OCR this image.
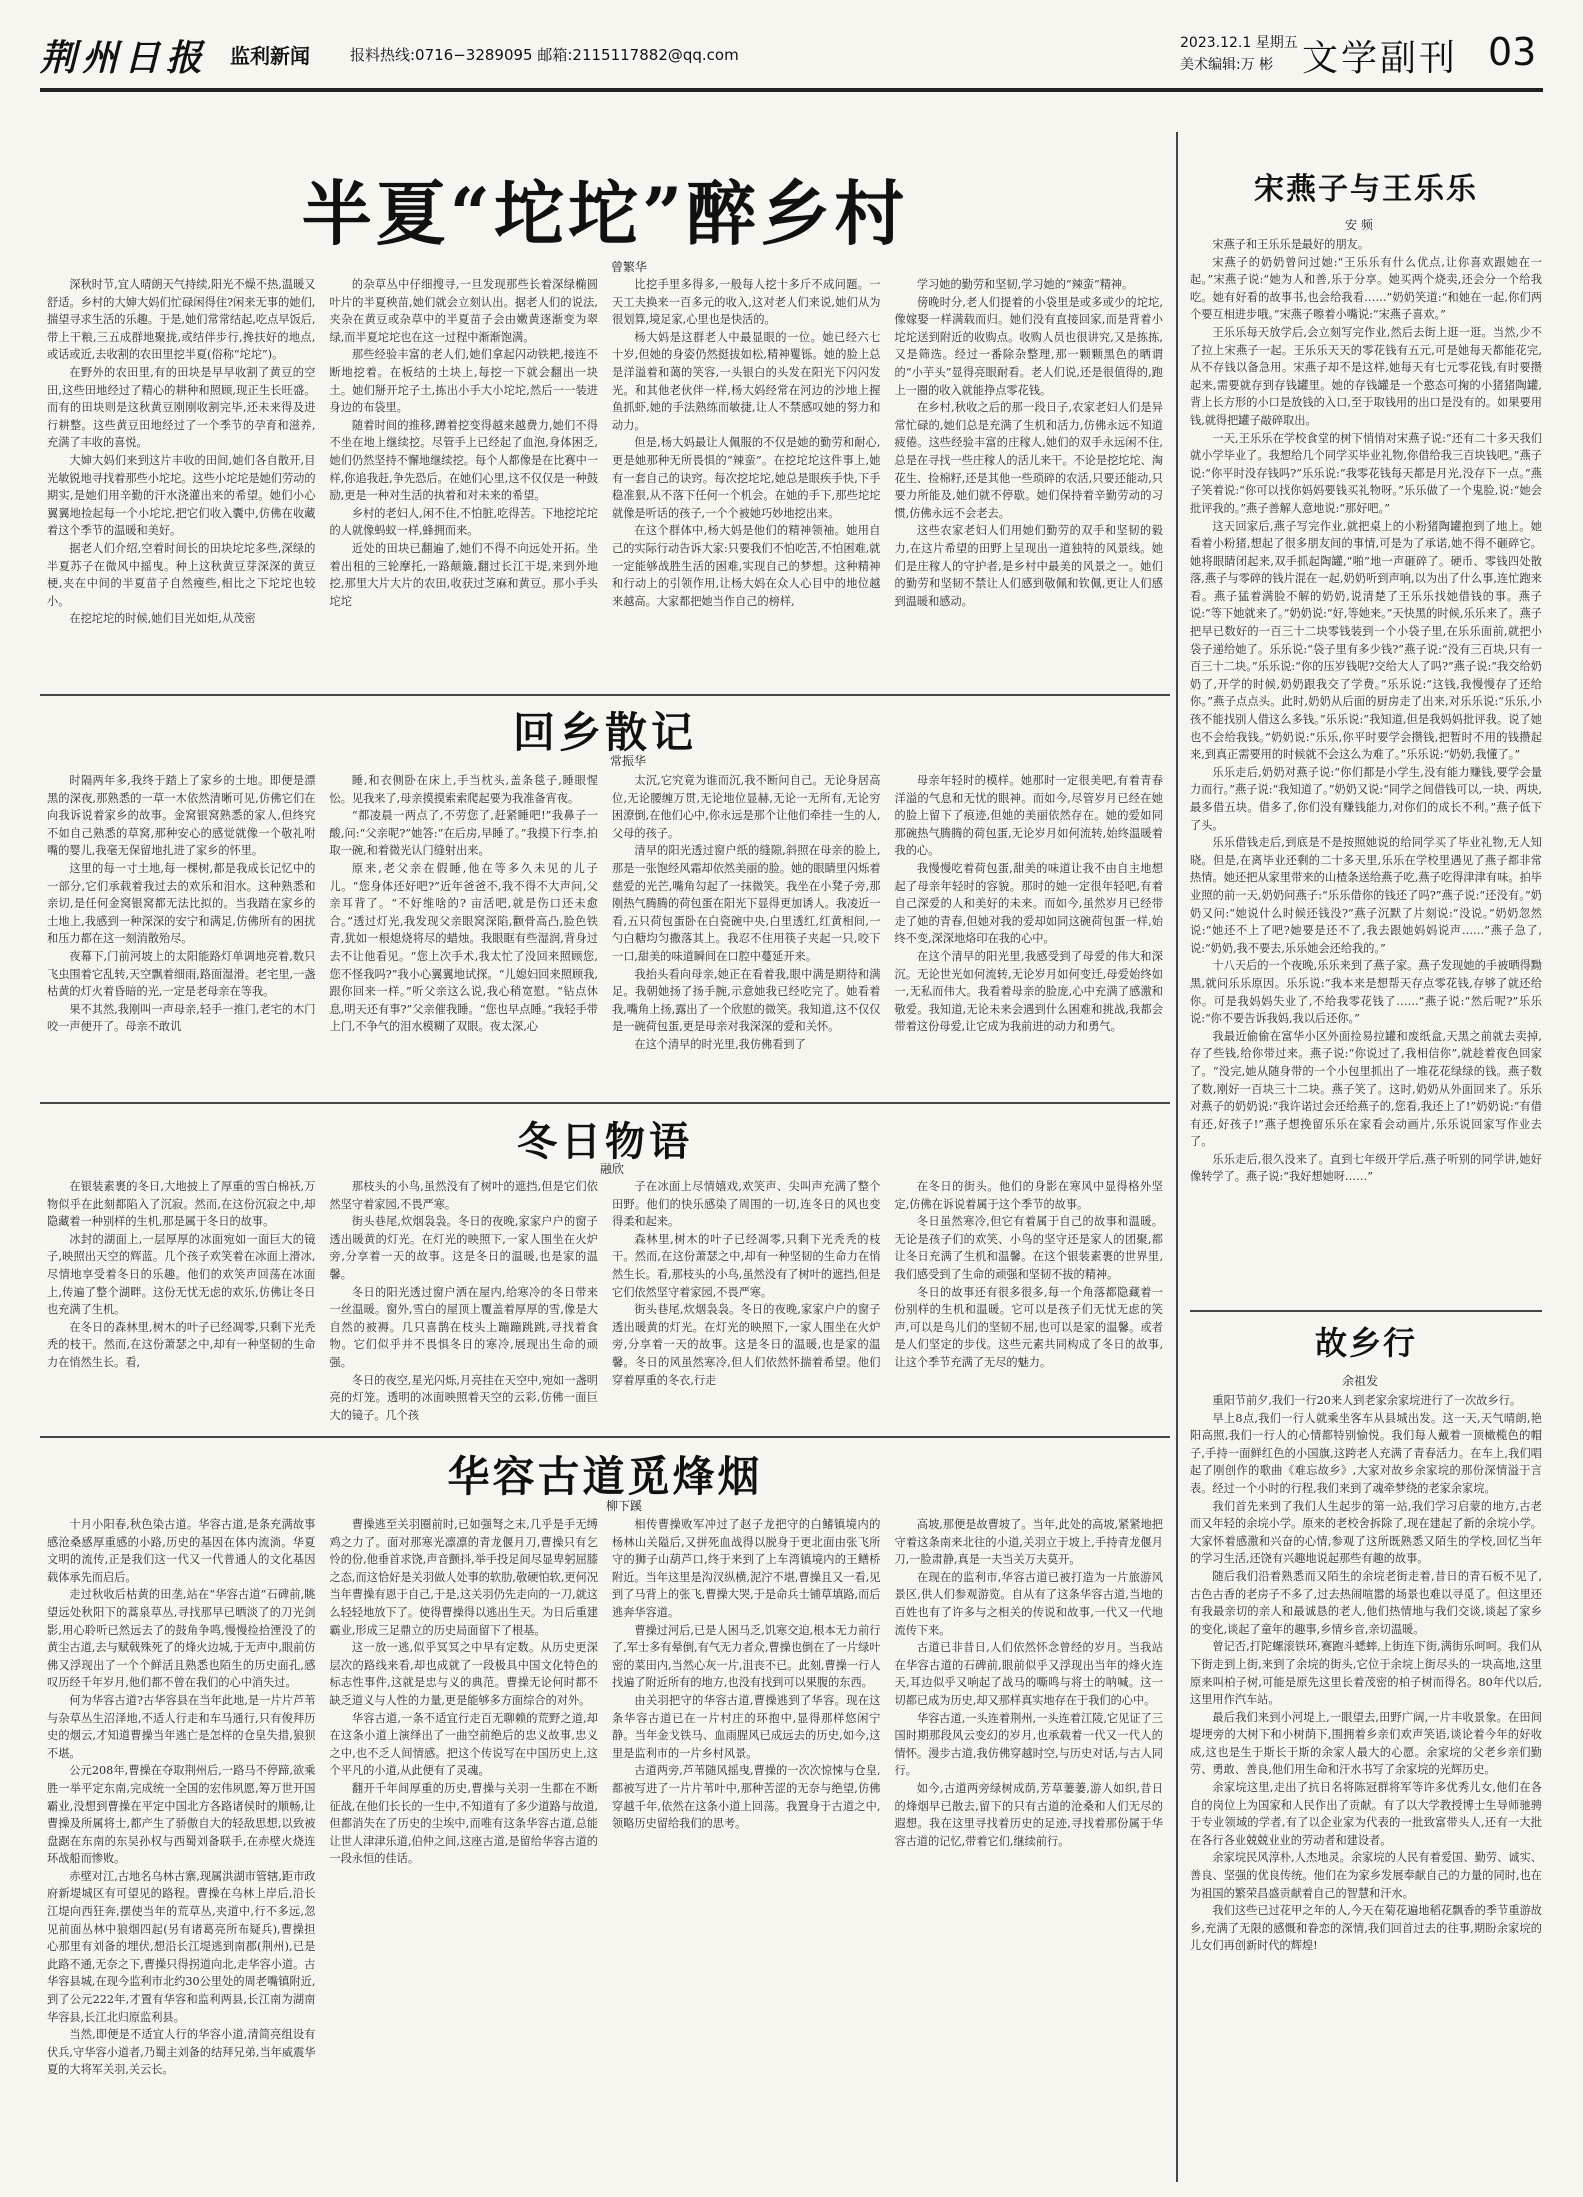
荆州日报 监利新闻	报料热线:0716−3289095 邮箱:2115117882@qq.com
2023.12.1 星期五
美术编辑:万 彬 文学副刊 03
半夏“坨坨”醉乡村
曾繁华

深秋时节,宜人晴朗天气持续,阳光不燥不热,温暖又舒适。乡村的大婶大妈们忙碌闲得住?闲来无事的她们,揣望寻求生活的乐趣。于是,她们常常结起,吃点早饭后,带上干粮,三五成群地聚拢,或结伴步行,搀扶好的地点,或话或近,去收割的农田里挖半夏(俗称“坨坨”)。

在野外的农田里,有的田块是早早收割了黄豆的空田,这些田地经过了精心的耕种和照顾,现正生长旺盛。而有的田块则是这秋黄豆刚刚收割完毕,还未来得及进行耕整。这些黄豆田地经过了一个季节的孕育和滋养,充满了丰收的喜悦。

大婶大妈们来到这片丰收的田间,她们各自散开,目光敏锐地寻找着那些小坨坨。这些小坨坨是她们劳动的期实,是她们用辛勤的汗水浇灌出来的希望。她们小心翼翼地捡起每一个小坨坨,把它们收入囊中,仿佛在收藏着这个季节的温暖和美好。

据老人们介绍,空着时间长的田块坨坨多些,深绿的半夏苏子在微风中摇曳。种上这秋黄豆芽深深的黄豆梗,夹在中间的半夏苗子自然瘦些,相比之下坨坨也较小。

在挖坨坨的时候,她们目光如炬,从茂密

的杂草丛中仔细搜寻,一旦发现那些长着深绿椭圆叶片的半夏秧苗,她们就会立刻认出。据老人们的说法,夹杂在黄豆或杂草中的半夏苗子会由嫩黄逐渐变为翠绿,而半夏坨坨也在这一过程中渐渐饱满。

那些经验丰富的老人们,她们拿起闪动铁耙,接连不断地挖着。在板结的土块上,每挖一下就会翻出一块土。她们掰开坨子土,拣出小手大小坨坨,然后一一装进身边的布袋里。

随着时间的推移,蹲着挖变得越来越费力,她们不得不坐在地上继续挖。尽管手上已经起了血泡,身体困乏,她们仍然坚持不懈地继续挖。每个人都像是在比赛中一样,你追我赶,争先恐后。在她们心里,这不仅仅是一种鼓励,更是一种对生活的执着和对未来的希望。

乡村的老妇人,闲不住,不怕脏,吃得苦。下地挖坨坨的人就像蚂蚁一样,蜂拥而来。

近处的田块已翻遍了,她们不得不向远处开拓。坐着出租的三轮摩托,一路颠簸,翻过长江干堤,来到外地挖,那里大片大片的农田,收获过芝麻和黄豆。那小手头坨坨

比挖手里多得多,一般每人挖十多斤不成问题。一天工夫换来一百多元的收入,这对老人们来说,她们从为很划算,境足家,心里也是快活的。

杨大妈是这群老人中最显眼的一位。她已经六七十岁,但她的身姿仍然挺拔如松,精神矍铄。她的脸上总是洋溢着和蔼的笑容,一头银白的头发在阳光下闪闪发光。和其他老伙伴一样,杨大妈经常在河边的沙地上握鱼抓虾,她的手法熟练而敏捷,让人不禁感叹她的努力和动力。

但是,杨大妈最让人佩服的不仅是她的勤劳和耐心,更是她那种无所畏惧的“辣蛮”。在挖坨坨这件事上,她有一套自己的诀窍。每次挖坨坨,她总是眼疾手快,下手稳准狠,从不落下任何一个机会。在她的手下,那些坨坨就像是听话的孩子,一个个被她巧妙地挖出来。

在这个群体中,杨大妈是他们的精神领袖。她用自己的实际行动告诉大家:只要我们不怕吃苦,不怕困难,就一定能够战胜生活的困难,实现自己的梦想。这种精神和行动上的引领作用,让杨大妈在众人心目中的地位越来越高。大家都把她当作自己的榜样,

学习她的勤劳和坚韧,学习她的“辣蛮”精神。

傍晚时分,老人们提着的小袋里是或多或少的坨坨,像嫁娶一样满载而归。她们没有直接回家,而是背着小坨坨送到附近的收购点。收购人员也很讲究,又是拣拣,又是筛选。经过一番除杂整理,那一颗颗黑色的晒谓的“小芋头”显得亮眼耐看。老人们说,还是很值得的,跑上一圈的收入就能挣点零花钱。

在乡村,秋收之后的那一段日子,农家老妇人们是异常忙碌的,她们总是充满了生机和活力,仿佛永远不知道疲倦。这些经验丰富的庄稼人,她们的双手永远闲不住,总是在寻找一些庄稼人的活儿来干。不论是挖坨坨、淘花生、捡棉籽,还是其他一些琐碎的农活,只要还能动,只要力所能及,她们就不停歇。她们保持着辛勤劳动的习惯,仿佛永远不会老去。

这些农家老妇人们用她们勤劳的双手和坚韧的毅力,在这片希望的田野上呈现出一道独特的风景线。她们是庄稼人的守护者,是乡村中最美的风景之一。她们的勤劳和坚韧不禁让人们感到敬佩和钦佩,更让人们感到温暖和感动。

回乡散记
常振华

时隔两年多,我终于踏上了家乡的土地。即便是漂黑的深夜,那熟悉的一草一木依然清晰可见,仿佛它们在向我诉说着家乡的故事。金窝银窝熟悉的家人,但终究不如自己熟悉的草窝,那种安心的感觉就像一个敬礼咐嘴的婴儿,我毫无保留地扎进了家乡的怀里。

这里的每一寸土地,每一棵树,都是我成长记忆中的一部分,它们承载着我过去的欢乐和泪水。这种熟悉和亲切,是任何金窝银窝都无法比拟的。当我踏在家乡的土地上,我感到一种深深的安宁和满足,仿佛所有的困扰和压力都在这一刻消散殆尽。

夜幕下,门前河坡上的太阳能路灯单调地亮着,数只飞虫围着它乱转,天空飘着细雨,路面湿滑。老宅里,一盏枯黄的灯火着昏暗的光,一定是老母亲在等我。

果不其然,我刚叫一声母亲,轻手一推门,老宅的木门咬一声便开了。母亲不敢讥

睡,和衣侧卧在床上,手当枕头,盖条毯子,睡眼惺忪。见我来了,母亲摸摸索索爬起要为我准备宵夜。

“都凌晨一两点了,不劳您了,赶紧睡吧!”我鼻子一酸,问:“父亲呢?”她答:“在后房,早睡了。”我摸下行李,拍取一碗,和着微光认门缝射出来。

原来,老父亲在假睡,他在等多久未见的儿子儿。“您身体还好吧?”近年爸爸不,我不得不大声问,父亲耳背了。“不好维啥的? 亩活吧,就是伤口还未愈合。”透过灯光,我发现父亲眼窝深陷,颧骨高凸,脸色铁青,犹如一根熄烧将尽的蜡烛。我眼眶有些湿润,背身过去不让他看见。“您上次手术,我太忙了没回来照顾您,您不怪我吗?”我小心翼翼地试探。“儿媳妇回来照顾我,跟你回来一样。”听父亲这么说,我心稍宽慰。“钻点休息,明天还有事?”父亲催我睡。“您也早点睡。”我轻手带上门,不争气的泪水模糊了双眼。夜太深,心

太沉,它究竟为谁而沉,我不断问自己。无论身居高位,无论腰缠万贯,无论地位显赫,无论一无所有,无论穷困潦倒,在他们心中,你永远是那个让他们牵挂一生的人,父母的孩子。

清早的阳光透过窗户纸的缝隙,斜照在母亲的脸上,那是一张饱经风霜却依然美丽的脸。她的眼睛里闪烁着慈爱的光芒,嘴角勾起了一抹微笑。我坐在小凳子旁,那刚热气腾腾的荷包蛋在阳光下显得更加诱人。我凌近一看,五只荷包蛋卧在白瓷碗中央,白里透红,红黄相间,一勺白糖均匀撒落其上。我忍不住用筷子夹起一只,咬下一口,甜美的味道瞬间在口腔中蔓延开来。

我抬头看向母亲,她正在看着我,眼中满是期待和满足。我朝她扬了扬手腕,示意她我已经吃完了。她看着我,嘴角上扬,露出了一个欣慰的微笑。我知道,这不仅仅是一碗荷包蛋,更是母亲对我深深的爱和关怀。

在这个清早的时光里,我仿佛看到了

母亲年轻时的模样。她那时一定很美吧,有着青春洋溢的气息和无忧的眼神。而如今,尽管岁月已经在她的脸上留下了痕迹,但她的美丽依然存在。她的爱如同那碗热气腾腾的荷包蛋,无论岁月如何流转,始终温暖着我的心。

我慢慢吃着荷包蛋,甜美的味道让我不由自主地想起了母亲年轻时的容貌。那时的她一定很年轻吧,有着自己深爱的人和美好的未来。而如今,虽然岁月已经带走了她的青春,但她对我的爱却如同这碗荷包蛋一样,始终不变,深深地烙印在我的心中。

在这个清早的阳光里,我感受到了母爱的伟大和深沉。无论世光如何流转,无论岁月如何变迁,母爱始终如一,无私而伟大。我看着母亲的脸庞,心中充满了感激和敬爱。我知道,无论未来会遇到什么困难和挑战,我都会带着这份母爱,让它成为我前进的动力和勇气。

冬日物语
融欣

在银装素裹的冬日,大地披上了厚重的雪白棉袄,万物似乎在此刻都陷入了沉寂。然而,在这份沉寂之中,却隐藏着一种别样的生机,那是属于冬日的故事。

冰封的湖面上,一层厚厚的冰面宛如一面巨大的镜子,映照出天空的辉蓝。几个孩子欢笑着在冰面上滑冰,尽情地享受着冬日的乐趣。他们的欢笑声回荡在冰面上,传遍了整个湖畔。这份无忧无虑的欢乐,仿佛让冬日也充满了生机。

在冬日的森林里,树木的叶子已经凋零,只剩下光秃秃的枝干。然而,在这份萧瑟之中,却有一种坚韧的生命力在悄然生长。看,

那枝头的小鸟,虽然没有了树叶的遮挡,但是它们依然坚守着家园,不畏严寒。

街头巷尾,炊烟袅袅。冬日的夜晚,家家户户的窗子透出暖黄的灯光。在灯光的映照下,一家人围坐在火炉旁,分享着一天的故事。这是冬日的温暖,也是家的温馨。

冬日的阳光透过窗户洒在屋内,给寒冷的冬日带来一丝温暖。窗外,雪白的屋顶上覆盖着厚厚的雪,像是大自然的被褥。几只喜鹊在枝头上蹦蹦跳跳,寻找着食物。它们似乎并不畏惧冬日的寒冷,展现出生命的顽强。

冬日的夜空,星光闪烁,月亮挂在天空中,宛如一盏明亮的灯笼。透明的冰面映照着天空的云彩,仿佛一面巨大的镜子。几个孩

子在冰面上尽情嬉戏,欢笑声、尖叫声充满了整个田野。他们的快乐感染了周围的一切,连冬日的风也变得柔和起来。

森林里,树木的叶子已经凋零,只剩下光秃秃的枝干。然而,在这份萧瑟之中,却有一种坚韧的生命力在悄然生长。看,那枝头的小鸟,虽然没有了树叶的遮挡,但是它们依然坚守着家园,不畏严寒。

街头巷尾,炊烟袅袅。冬日的夜晚,家家户户的窗子透出暖黄的灯光。在灯光的映照下,一家人围坐在火炉旁,分享着一天的故事。这是冬日的温暖,也是家的温馨。冬日的风虽然寒冷,但人们依然怀揣着希望。他们穿着厚重的冬衣,行走

在冬日的街头。他们的身影在寒风中显得格外坚定,仿佛在诉说着属于这个季节的故事。

冬日虽然寒冷,但它有着属于自己的故事和温暖。无论是孩子们的欢笑、小鸟的坚守还是家人的团聚,都让冬日充满了生机和温馨。在这个银装素裹的世界里,我们感受到了生命的顽强和坚韧不拔的精神。

冬日的故事还有很多很多,每一个角落都隐藏着一份别样的生机和温暖。它可以是孩子们无忧无虑的笑声,可以是鸟儿们的坚韧不屈,也可以是家的温馨。或者是人们坚定的步伐。这些元素共同构成了冬日的故事,让这个季节充满了无尽的魅力。

华容古道觅烽烟
柳下蹊

十月小阳春,秋色染古道。华容古道,是条充满故事感沧桑感厚重感的小路,历史的基因在体内流淌。华夏文明的流传,正是我们这一代又一代普通人的文化基因载体承先而启后。

走过秋收后枯黄的田垄,站在“华容古道”石碑前,眺望远处秋阳下的蒿泉草丛,寻找那早已晒淡了的刀光剑影,用心聆听已然远去了的鼓角争鸣,慢慢捡拾湮没了的黄尘古道,去与赋戟殊死了的烽火边城,于无声中,眼前仿佛又浮现出了一个个鲜活且熟悉也陌生的历史面孔,感叹历经千年岁月,他们都不曾在我们的心中消失过。

何为华容古道?古华容县在当年此地,是一片片芦苇与杂草丛生沼泽地,不适人行走和车马通行,只有俊拜历史的烟云,才知道曹操当年逃亡是怎样的仓皇失措,狼狈不堪。

公元208年,曹操在夺取荆州后,一路马不停蹄,欲乘胜一举平定东南,完成统一全国的宏伟夙愿,筹万世开国霸业,没想到曹操在平定中国北方各路诸侯时的顺畅,让曹操及所属将士,都产生了骄傲自大的轻敌思想,以致被盘踞在东南的东吴孙权与西蜀刘备联手,在赤壁火烧连环战船而惨败。

赤壁对江,古地名乌林古寨,现属洪湖市管辖,距市政府新堤城区有可望见的路程。曹操在乌林上岸后,沿长江堤向西狂奔,摆使当年的荒草丛,夹道中,行不多远,忽见前面丛林中狼烟四起(另有诸葛亮所布疑兵),曹操担心那里有刘备的埋伏,想沿长江堤逃到南郡(荆州),已是此路不通,无奈之下,曹操只得拐道向北,走华容小道。古华容县城,在现今监利市北约30公里处的周老嘴镇附近,到了公元222年,才置有华容和监利两县,长江南为湖南华容县,长江北归原监利县。

当然,即便是不适宜人行的华容小道,清简亮组设有伏兵,守华容小道者,乃蜀主刘备的结拜兄弟,当年威震华夏的大将军关羽,关云长。

曹操逃至关羽圈前时,已如强弩之末,几乎是手无缚鸡之力了。面对那寒光凛凛的青龙偃月刀,曹操只有乞怜的份,他垂首求饶,声音颤抖,举手投足间尽显卑躬屈膝之态,而这恰好是关羽做人处事的软肋,敬硬怕软,更何况当年曹操有恩于自己,于是,这关羽仍先走向的一刀,就这么轻轻地放下了。使得曹操得以逃出生天。为日后重建霸业,形成三足鼎立的历史局面留下了根基。

这一放一逃,似乎冥冥之中早有定数。从历史更深层次的路线来看,却也成就了一段极具中国文化特色的标志性事件,这就是忠与义的典范。曹操无论何时都不缺乏道义与人性的力量,更是能够多方面综合的对外。

华容古道,一条不适宜行走百无聊赖的荒野之道,却在这条小道上演绎出了一曲空前绝后的忠义故事,忠义之中,也不乏人间情感。把这个传说写在中国历史上,这个平凡的小道,从此便有了灵魂。

翻开千年间厚重的历史,曹操与关羽一生都在不断征战,在他们长长的一生中,不知道有了多少道路与故道,但都消失在了历史的尘埃中,而唯有这条华容古道,总能让世人津津乐道,伯仲之间,这座古道,是留给华容古道的一段永恒的佳话。

相传曹操败军冲过了赵子龙把守的白鳍镇境内的杨林山关隘后,又拼死血战得以脱身于更北面由张飞所守的狮子山葫芦口,终于来到了上车湾镇境内的王鳝桥附近。当年这里是沟汊纵横,泥泞不堪,曹操且又一看,见到了马背上的张飞,曹操大哭,于是命兵士铺草填路,而后逃奔华容道。

曹操过河后,已是人困马乏,饥寒交迫,根本无力前行了,军士多有晕倒,有气无力者众,曹操也倒在了一片绿叶密的菜田内,当然心灰一片,沮丧不已。此刻,曹操一行人找遍了附近所有的地方,也没有找到可以果腹的东西。

由关羽把守的华容古道,曹操逃到了华容。现在这条华容古道已在一片村庄的环抱中,显得那样悠闲宁静。当年金戈铁马、血雨腥风已成远去的历史,如今,这里是监利市的一片乡村风景。

古道两旁,芦苇随风摇曳,曹操的一次次惊悚与仓皇,都被写进了一片片苇叶中,那种苦涩的无奈与绝望,仿佛穿越千年,依然在这条小道上回荡。我置身于古道之中,领略历史留给我们的思考。

高坡,那便是故曹坡了。当年,此处的高坡,紧紧地把守着这条南来北往的小道,关羽立于坡上,手持青龙偃月刀,一脸肃静,真是一夫当关万夫莫开。

在现在的监利市,华容古道已被打造为一片旅游风景区,供人们参观游览。自从有了这条华容古道,当地的百姓也有了许多与之相关的传说和故事,一代又一代地流传下来。

古道已非昔日,人们依然怀念曾经的岁月。当我站在华容古道的石碑前,眼前似乎又浮现出当年的烽火连天,耳边似乎又响起了战马的嘶鸣与将士的呐喊。这一切都已成为历史,却又那样真实地存在于我们的心中。

华容古道,一头连着荆州,一头连着江陵,它见证了三国时期那段风云变幻的岁月,也承载着一代又一代人的情怀。漫步古道,我仿佛穿越时空,与历史对话,与古人同行。

如今,古道两旁绿树成荫,芳草萋萋,游人如织,昔日的烽烟早已散去,留下的只有古道的沧桑和人们无尽的遐想。我在这里寻找着历史的足迹,寻找着那份属于华容古道的记忆,带着它们,继续前行。

宋燕子与王乐乐
安 频

宋燕子和王乐乐是最好的朋友。

宋燕子的奶奶曾问过她:“王乐乐有什么优点,让你喜欢跟她在一起。”宋燕子说:“她为人和善,乐于分享。她买两个烧卖,还会分一个给我吃。她有好看的故事书,也会给我看……”奶奶笑道:“和她在一起,你们两个要互相进步哦。”宋燕子嚓着小嘴说:“宋燕子喜欢。”

王乐乐每天放学后,会立刻写完作业,然后去街上逛一逛。当然,少不了拉上宋燕子一起。王乐乐天天的零花钱有五元,可是她每天都能花完,从不存钱以备急用。宋燕子却不是这样,她每天有七元零花钱,有时要攒起来,需要就存到存钱罐里。她的存钱罐是一个憨态可掬的小猪猪陶罐,背上长方形的小口是放钱的入口,至于取钱用的出口是没有的。如果要用钱,就得把罐子敲碎取出。

一天,王乐乐在学校食堂的树下悄悄对宋燕子说:“还有二十多天我们就小学毕业了。我想给几个同学买毕业礼物,你借给我三百块钱吧。”燕子说:“你平时没存钱吗?”乐乐说:“我零花钱每天都是月光,没存下一点。”燕子笑着说:“你可以找你妈妈要钱买礼物呀。”乐乐做了一个鬼脸,说:“她会批评我的。”燕子善解人意地说:“那好吧。”

这天回家后,燕子写完作业,就把桌上的小粉猪陶罐抱到了地上。她看着小粉猪,想起了很多朋友间的事情,可是为了承诺,她不得不砸碎它。她将眼睛闭起来,双手抓起陶罐,“啪”地一声砸碎了。硬币、零钱四处散落,燕子与零碎的钱片混在一起,奶奶听到声响,以为出了什么事,连忙跑来看。燕子猛着满脸不解的奶奶,说清楚了王乐乐找她借钱的事。燕子说:“等下她就来了。”奶奶说:“好,等她来。”天快黑的时候,乐乐来了。燕子把早已数好的一百三十二块零钱装到一个小袋子里,在乐乐面前,就把小袋子递给她了。乐乐说:“袋子里有多少钱?”燕子说:“没有三百块,只有一百三十二块。”乐乐说:“你的压岁钱呢?交给大人了吗?”燕子说:“我交给奶奶了,开学的时候,奶奶跟我交了学费。”乐乐说:“这钱,我慢慢存了还给你。”燕子点点头。此时,奶奶从后面的厨房走了出来,对乐乐说:“乐乐,小孩不能找别人借这么多钱。”乐乐说:“我知道,但是我妈妈批评我。说了她也不会给我钱。”奶奶说:“乐乐,你平时要学会攒钱,把暂时不用的钱攒起来,到真正需要用的时候就不会这么为难了。”乐乐说:“奶奶,我懂了。”

乐乐走后,奶奶对燕子说:“你们都是小学生,没有能力赚钱,要学会量力而行。”燕子说:“我知道了。”奶奶又说:“同学之间借钱可以,一块、两块,最多借五块。借多了,你们没有赚钱能力,对你们的成长不利。”燕子低下了头。

乐乐借钱走后,到底是不是按照她说的给同学买了毕业礼物,无人知晓。但是,在离毕业还剩的二十多天里,乐乐在学校里遇见了燕子都非常热情。她还把从家里带来的山楂条送给燕子吃,燕子吃得津津有味。拍毕业照的前一天,奶奶问燕子:“乐乐借你的钱还了吗?”燕子说:“还没有。”奶奶又问:“她说什么时候还钱没?”燕子沉默了片刻说:“没说。”奶奶忽然说:“她还不上了吧?她要是还不了,我去跟她妈妈说声……”燕子急了,说:“奶奶,我不要去,乐乐她会还给我的。”

十八天后的一个夜晚,乐乐来到了燕子家。燕子发现她的手被晒得黝黑,就问乐乐原因。乐乐说:“我本来是想帮天存点零花钱,存够了就还给你。可是我妈妈失业了,不给我零花钱了……”燕子说:“然后呢?”乐乐说:“你不要告诉我妈,我以后还你。”

我最近偷偷在富华小区外面捡易拉罐和废纸盒,天黑之前就去卖掉,存了些钱,给你带过来。燕子说:“你说过了,我相信你”,就趁着夜色回家了。“没完,她从随身带的一个小包里抓出了一堆花花绿绿的钱。燕子数了数,刚好一百块三十二块。燕子笑了。这时,奶奶从外面回来了。乐乐对燕子的奶奶说:“我许诺过会还给燕子的,您看,我还上了!”奶奶说:“有借有还,好孩子!”燕子想挽留乐乐在家看会动画片,乐乐说回家写作业去了。

乐乐走后,很久没来了。直到七年级开学后,燕子听别的同学讲,她好像转学了。燕子说:“我好想她呀……”

故乡行
余祖发

重阳节前夕,我们一行20来人到老家余家垸进行了一次故乡行。

早上8点,我们一行人就乘坐客车从县城出发。这一天,天气晴朗,艳阳高照,我们一行人的心情都特别愉悦。我们每人戴着一顶橄榄色的帽子,手持一面鲜红色的小国旗,这跨老人充满了青春活力。在车上,我们唱起了刚创作的歌曲《难忘故乡》,大家对故乡余家垸的那份深情溢于言表。经过一个小时的行程,我们来到了魂牵梦绕的老家余家垸。

我们首先来到了我们人生起步的第一站,我们学习启蒙的地方,古老而又年轻的余垸小学。原来的老校舍拆除了,现在建起了新的余垸小学。大家怀着感激和兴奋的心情,参观了这所既熟悉又陌生的学校,回忆当年的学习生活,还饶有兴趣地说起那些有趣的故事。

随后我们沿着熟悉而又陌生的余垸老街走着,昔日的青石板不见了,古色古香的老房子不多了,过去热闹喧嚣的场景也难以寻觅了。但这里还有我最亲切的亲人和最诚恳的老人,他们热情地与我们交谈,谈起了家乡的变化,谈起了童年的趣事,乡情乡音,亲切温暖。

曾记否,打陀螺滚铁环,赛跑斗蟋蟀,上街连下街,满街乐呵呵。我们从下街走到上街,来到了余垸的街头,它位于余垸上街尽头的一块高地,这里原来叫柏子树,可能是原先这里长着茂密的柏子树而得名。80年代以后,这里用作汽车站。

最后我们来到小河堤上,一眼望去,田野广阔,一片丰收景象。在田间堤埂旁的大树下和小树荫下,围拥着乡亲们欢声笑语,谈论着今年的好收成,这也是生于斯长于斯的余家人最大的心愿。余家垸的父老乡亲们勤劳、勇敢、善良,他们用生命和汗水书写了余家垸的光辉历史。

余家垸这里,走出了抗日名将陈冠群将军等许多优秀儿女,他们在各自的岗位上为国家和人民作出了贡献。有了以大学教授博士生导师驰骋于专业领域的学者,有了以企业家为代表的一批致富带头人,还有一大批在各行各业兢兢业业的劳动者和建设者。

余家垸民风淳朴,人杰地灵。余家垸的人民有着爱国、勤劳、诚实、善良、坚强的优良传统。他们在为家乡发展奉献自己的力量的同时,也在为祖国的繁荣昌盛贡献着自己的智慧和汗水。

我们这些已过花甲之年的人,今天在菊花遍地稻花飘香的季节重游故乡,充满了无限的感慨和眷恋的深情,我们回首过去的往事,期盼余家垸的儿女们再创新时代的辉煌!
